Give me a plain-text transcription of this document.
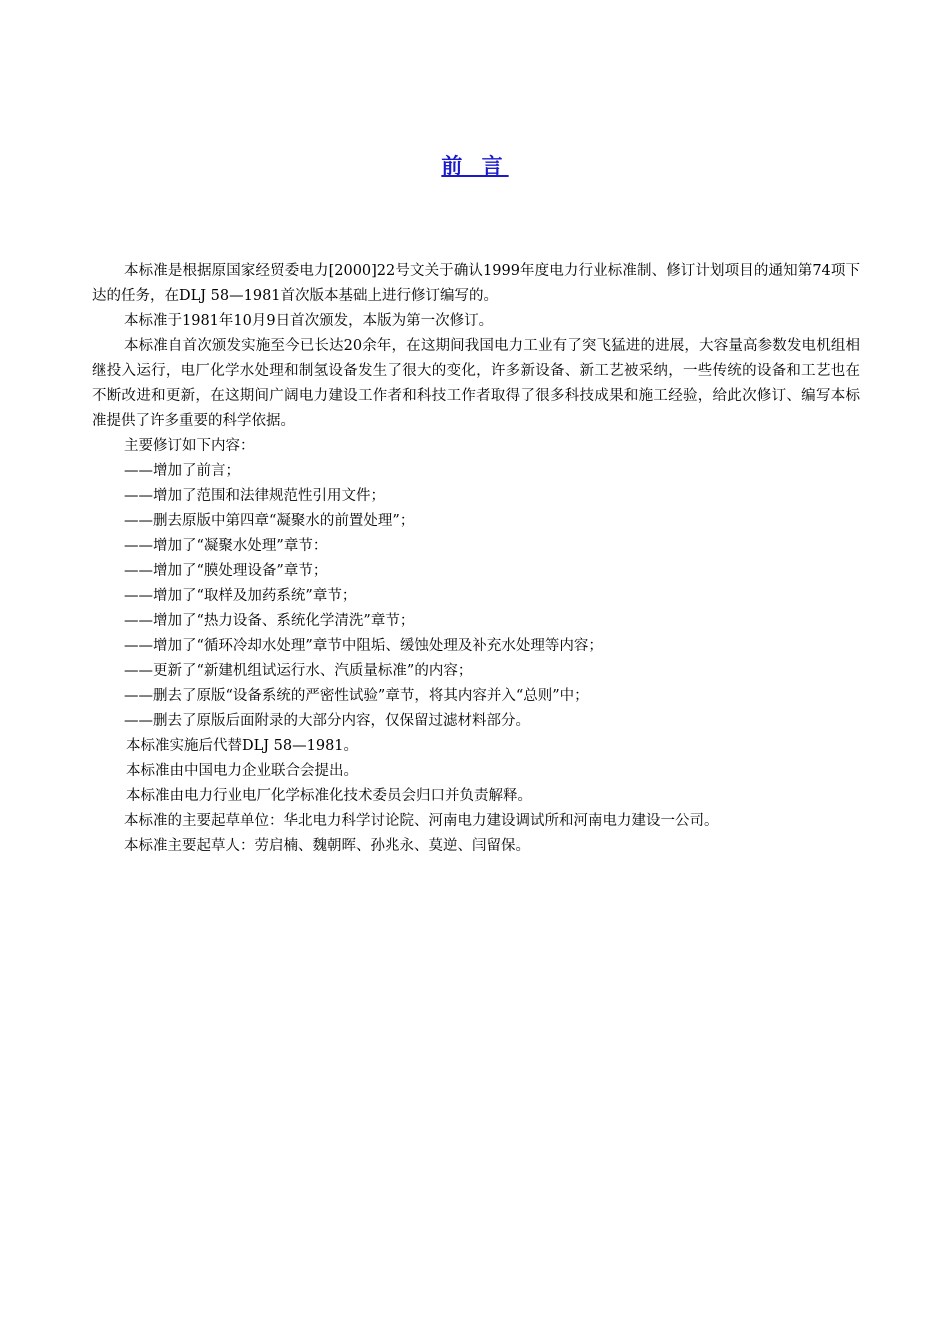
前 言

本标准是根据原国家经贸委电力[2000]22号文关于确认1999年度电力行业标准制、修订计划项目的通知第74项下达的任务，在DLJ 58—1981首次版本基础上进行修订编写的。

本标准于1981年10月9日首次颁发，本版为第一次修订。

本标准自首次颁发实施至今已长达20余年，在这期间我国电力工业有了突飞猛进的进展，大容量高参数发电机组相继投入运行，电厂化学水处理和制氢设备发生了很大的变化，许多新设备、新工艺被采纳，一些传统的设备和工艺也在不断改进和更新，在这期间广阔电力建设工作者和科技工作者取得了很多科技成果和施工经验，给此次修订、编写本标准提供了许多重要的科学依据。

主要修订如下内容：

——增加了前言；

——增加了范围和法律规范性引用文件；

——删去原版中第四章“凝聚水的前置处理”；

——增加了“凝聚水处理”章节：

——增加了“膜处理设备”章节；

——增加了“取样及加药系统”章节；

——增加了“热力设备、系统化学清洗”章节；

——增加了“循环冷却水处理”章节中阻垢、缓蚀处理及补充水处理等内容；

——更新了“新建机组试运行水、汽质量标准”的内容；

——删去了原版“设备系统的严密性试验”章节，将其内容并入“总则”中；

——删去了原版后面附录的大部分内容，仅保留过滤材料部分。

本标准实施后代替DLJ 58—1981。

本标准由中国电力企业联合会提出。

本标准由电力行业电厂化学标准化技术委员会归口并负责解释。

本标准的主要起草单位：华北电力科学讨论院、河南电力建设调试所和河南电力建设一公司。

本标准主要起草人：劳启楠、魏朝晖、孙兆永、莫逆、闫留保。
